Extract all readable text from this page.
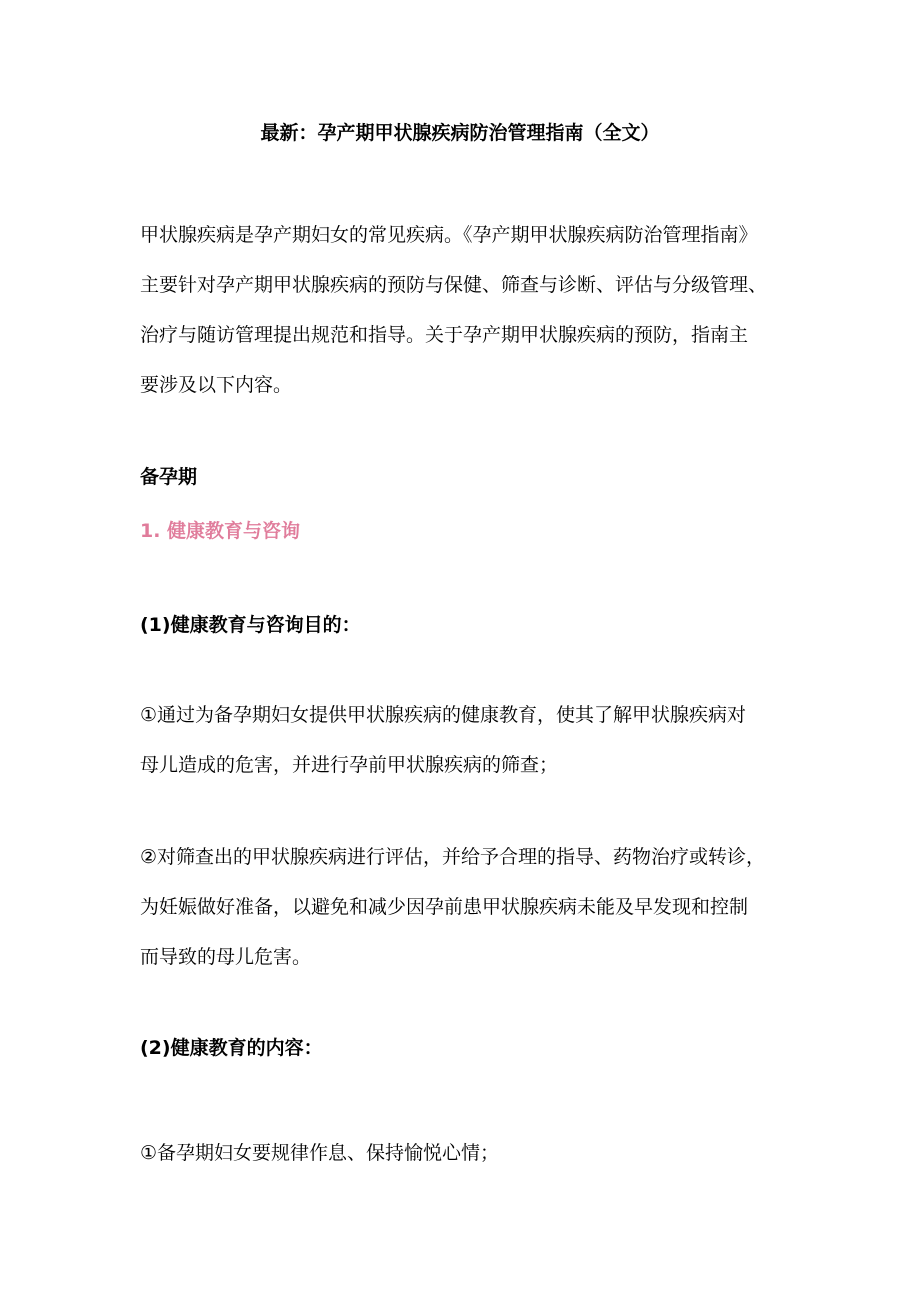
最新：孕产期甲状腺疾病防治管理指南（全文）
甲状腺疾病是孕产期妇女的常见疾病。《孕产期甲状腺疾病防治管理指南》
主要针对孕产期甲状腺疾病的预防与保健、筛查与诊断、评估与分级管理、
治疗与随访管理提出规范和指导。关于孕产期甲状腺疾病的预防，指南主
要涉及以下内容。
备孕期
1. 健康教育与咨询
(1)健康教育与咨询目的：
①通过为备孕期妇女提供甲状腺疾病的健康教育，使其了解甲状腺疾病对
母儿造成的危害，并进行孕前甲状腺疾病的筛查；
②对筛查出的甲状腺疾病进行评估，并给予合理的指导、药物治疗或转诊，
为妊娠做好准备，以避免和减少因孕前患甲状腺疾病未能及早发现和控制
而导致的母儿危害。
(2)健康教育的内容：
①备孕期妇女要规律作息、保持愉悦心情；
